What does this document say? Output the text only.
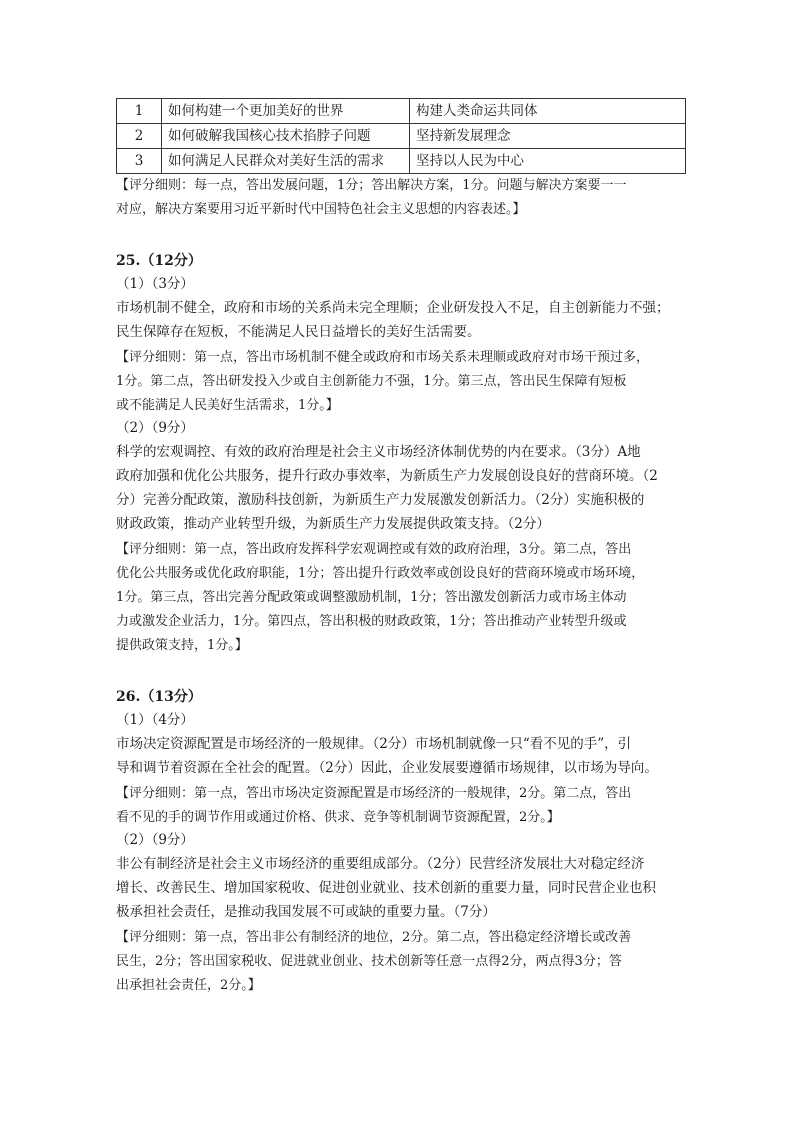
1	如何构建一个更加美好的世界	构建人类命运共同体
2	如何破解我国核心技术掐脖子问题	坚持新发展理念
3	如何满足人民群众对美好生活的需求	坚持以人民为中心
【评分细则：每一点，答出发展问题，1分；答出解决方案，1分。问题与解决方案要一一
对应，解决方案要用习近平新时代中国特色社会主义思想的内容表述。】
25.（12分）
（1）（3分）
市场机制不健全，政府和市场的关系尚未完全理顺；企业研发投入不足，自主创新能力不强；
民生保障存在短板，不能满足人民日益增长的美好生活需要。
【评分细则：第一点，答出市场机制不健全或政府和市场关系未理顺或政府对市场干预过多，
1分。第二点，答出研发投入少或自主创新能力不强，1分。第三点，答出民生保障有短板
或不能满足人民美好生活需求，1分。】
（2）（9分）
科学的宏观调控、有效的政府治理是社会主义市场经济体制优势的内在要求。（3分）A地
政府加强和优化公共服务，提升行政办事效率，为新质生产力发展创设良好的营商环境。（2
分）完善分配政策，激励科技创新，为新质生产力发展激发创新活力。（2分）实施积极的
财政政策，推动产业转型升级，为新质生产力发展提供政策支持。（2分）
【评分细则：第一点，答出政府发挥科学宏观调控或有效的政府治理，3分。第二点，答出
优化公共服务或优化政府职能，1分；答出提升行政效率或创设良好的营商环境或市场环境，
1分。第三点，答出完善分配政策或调整激励机制，1分；答出激发创新活力或市场主体动
力或激发企业活力，1分。第四点，答出积极的财政政策，1分；答出推动产业转型升级或
提供政策支持，1分。】
26.（13分）
（1）（4分）
市场决定资源配置是市场经济的一般规律。（2分）市场机制就像一只“看不见的手”，引
导和调节着资源在全社会的配置。（2分）因此，企业发展要遵循市场规律，以市场为导向。
【评分细则：第一点，答出市场决定资源配置是市场经济的一般规律，2分。第二点，答出
看不见的手的调节作用或通过价格、供求、竞争等机制调节资源配置，2分。】
（2）（9分）
非公有制经济是社会主义市场经济的重要组成部分。（2分）民营经济发展壮大对稳定经济
增长、改善民生、增加国家税收、促进创业就业、技术创新的重要力量，同时民营企业也积
极承担社会责任，是推动我国发展不可或缺的重要力量。（7分）
【评分细则：第一点，答出非公有制经济的地位，2分。第二点，答出稳定经济增长或改善
民生，2分；答出国家税收、促进就业创业、技术创新等任意一点得2分，两点得3分；答
出承担社会责任，2分。】
